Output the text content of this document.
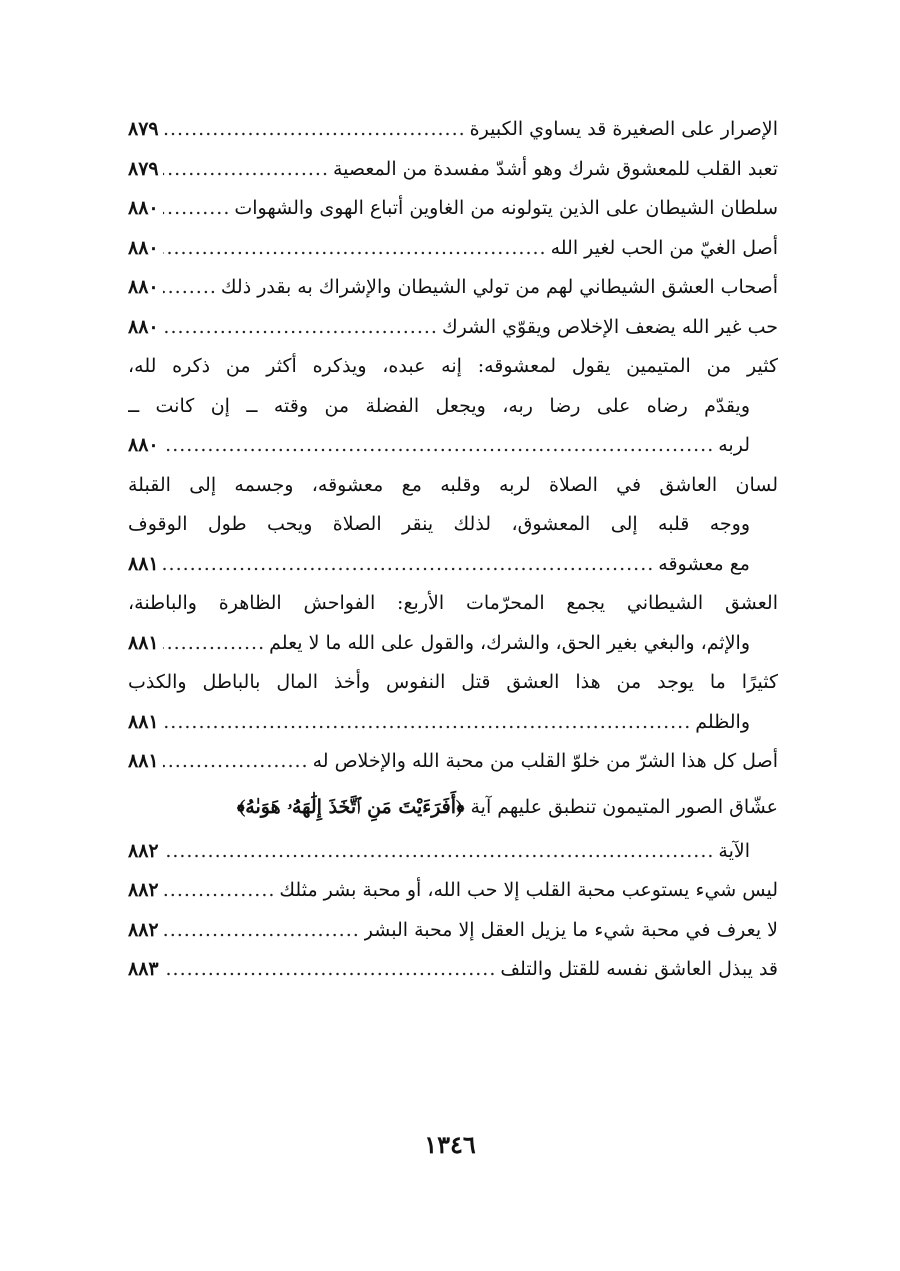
الإصرار على الصغيرة قد يساوي الكبيرة
.....
٨٧٩
تعبد القلب للمعشوق شرك وهو أشدّ مفسدة من المعصية
.....
٨٧٩
سلطان الشيطان على الذين يتولونه من الغاوين أتباع الهوى والشهوات
.....
٨٨٠
أصل الغيّ من الحب لغير الله
.....
٨٨٠
أصحاب العشق الشيطاني لهم من تولي الشيطان والإشراك به بقدر ذلك
.....
٨٨٠
حب غير الله يضعف الإخلاص ويقوّي الشرك
.....
٨٨٠
كثير من المتيمين يقول لمعشوقه: إنه عبده، ويذكره أكثر من ذكره لله،
ويقدّم رضاه على رضا ربه، ويجعل الفضلة من وقته ــ إن كانت ــ
لربه
.....
٨٨٠
لسان العاشق في الصلاة لربه وقلبه مع معشوقه، وجسمه إلى القبلة
ووجه قلبه إلى المعشوق، لذلك ينقر الصلاة ويحب طول الوقوف
مع معشوقه
.....
٨٨١
العشق الشيطاني يجمع المحرّمات الأربع: الفواحش الظاهرة والباطنة،
والإثم، والبغي بغير الحق، والشرك، والقول على الله ما لا يعلم
.....
٨٨١
كثيرًا ما يوجد من هذا العشق قتل النفوس وأخذ المال بالباطل والكذب
والظلم
.....
٨٨١
أصل كل هذا الشرّ من خلوّ القلب من محبة الله والإخلاص له
.....
٨٨١
عشّاق الصور المتيمون تنطبق عليهم آية
﴿أَفَرَءَيْتَ مَنِ ٱتَّخَذَ إِلَٰهَهُۥ هَوَىٰهُ﴾
الآية
.....
٨٨٢
ليس شيء يستوعب محبة القلب إلا حب الله، أو محبة بشر مثلك
.....
٨٨٢
لا يعرف في محبة شيء ما يزيل العقل إلا محبة البشر
.....
٨٨٢
قد يبذل العاشق نفسه للقتل والتلف
.....
٨٨٣
١٣٤٦
